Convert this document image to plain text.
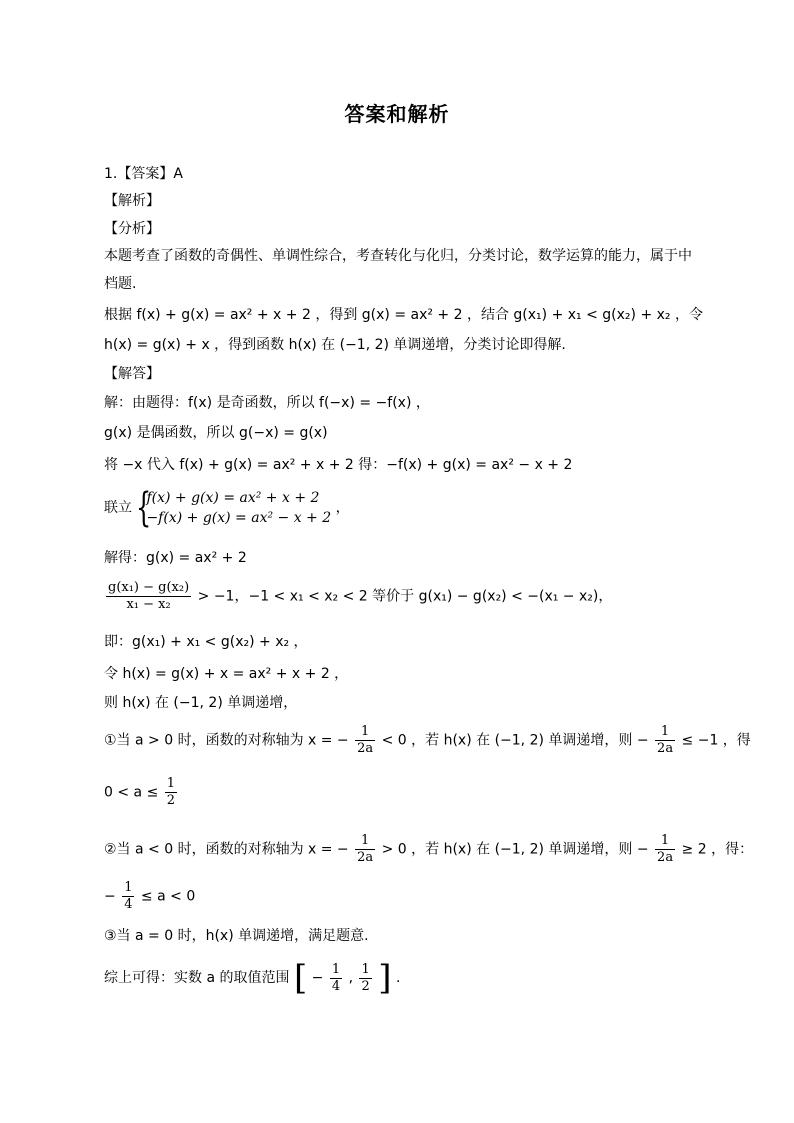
答案和解析
1.【答案】A
【解析】
【分析】
本题考查了函数的奇偶性、单调性综合，考查转化与化归，分类讨论，数学运算的能力，属于中
档题.
根据 f(x) + g(x) = ax² + x + 2 ，得到 g(x) = ax² + 2 ，结合 g(x₁) + x₁ < g(x₂) + x₂ ，令
h(x) = g(x) + x ，得到函数 h(x) 在 (−1, 2) 单调递增，分类讨论即得解.
【解答】
解：由题得：f(x) 是奇函数，所以 f(−x) = −f(x) ，
g(x) 是偶函数，所以 g(−x) = g(x)
将 −x 代入 f(x) + g(x) = ax² + x + 2 得：−f(x) + g(x) = ax² − x + 2
联立 {
f(x) + g(x) = ax² + x + 2
−f(x) + g(x) = ax² − x + 2
，
解得：g(x) = ax² + 2
$\frac{\text{g(x₁) − g(x₂)}}{\text{x₁ − x₂}} > -1$，−1 < x₁ < x₂ < 2 等价于 g(x₁) − g(x₂) < −(x₁ − x₂)，
即：g(x₁) + x₁ < g(x₂) + x₂ ，
令 h(x) = g(x) + x = ax² + x + 2 ，
则 h(x) 在 (−1, 2) 单调递增，
①当 a > 0 时，函数的对称轴为 x = − $\frac{1}{2a} < 0$ ，若 h(x) 在 (−1, 2) 单调递增，则 − $\frac{1}{2a} \le -1$ ，得
$0 < a \le \frac{1}{2}$
②当 a < 0 时，函数的对称轴为 x = − $\frac{1}{2a} > 0$ ，若 h(x) 在 (−1, 2) 单调递增，则 − $\frac{1}{2a} \ge 2$ ，得：
− $\frac{1}{4} \le a < 0$
③当 a = 0 时，h(x) 单调递增，满足题意.
综上可得：实数 a 的取值范围 [ − $\frac{1}{4}$ , $\frac{1}{2}$ ] .
